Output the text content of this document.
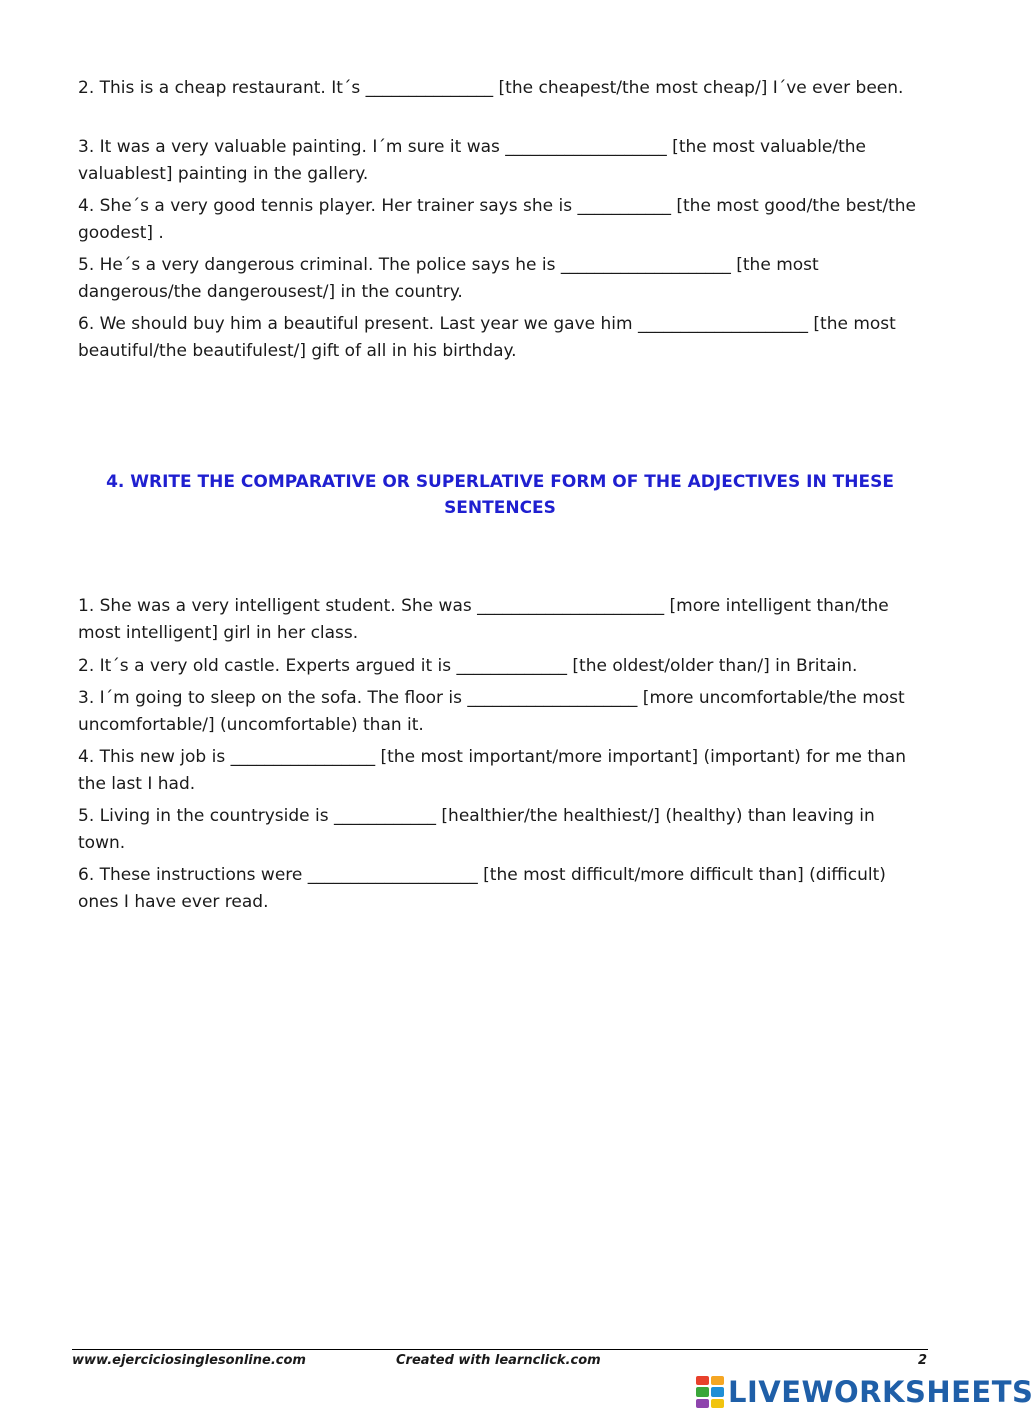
2. This is a cheap restaurant. It´s _______________ [the cheapest/the most cheap/] I´ve ever been.

3. It was a very valuable painting. I´m sure it was ___________________ [the most valuable/the valuablest] painting in the gallery.

4. She´s a very good tennis player. Her trainer says she is ___________ [the most good/the best/the goodest] .

5. He´s a very dangerous criminal. The police says he is ____________________ [the most dangerous/the dangerousest/] in the country.

6. We should buy him a beautiful present. Last year we gave him ____________________ [the most beautiful/the beautifulest/] gift of all in his birthday.

4. WRITE THE COMPARATIVE OR SUPERLATIVE FORM OF THE ADJECTIVES IN THESE SENTENCES

1. She was a very intelligent student. She was ______________________ [more intelligent than/the most intelligent] girl in her class.

2. It´s a very old castle. Experts argued it is _____________ [the oldest/older than/] in Britain.

3. I´m going to sleep on the sofa. The floor is ____________________ [more uncomfortable/the most uncomfortable/] (uncomfortable) than it.

4. This new job is _________________ [the most important/more important] (important) for me than the last I had.

5. Living in the countryside is ____________ [healthier/the healthiest/] (healthy) than leaving in town.

6. These instructions were ____________________ [the most difficult/more difficult than] (difficult) ones I have ever read.

www.ejerciciosinglesonline.com	Created with learnclick.com	2

LIVEWORKSHEETS
